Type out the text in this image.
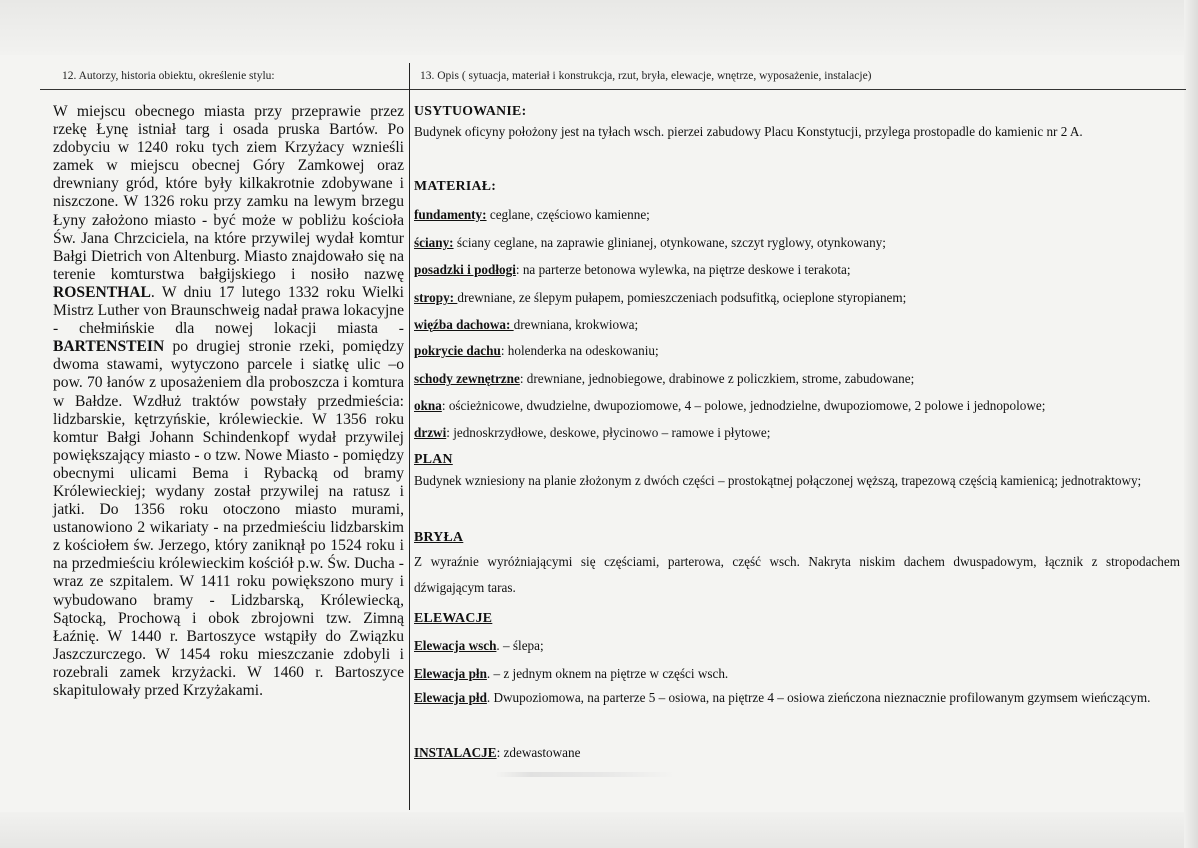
12. Autorzy, historia obiektu, określenie stylu:	13. Opis ( sytuacja, materiał i konstrukcja, rzut, bryła, elewacje, wnętrze, wyposażenie, instalacje)

W miejscu obecnego miasta przy przeprawie przez rzekę Łynę istniał targ i osada pruska Bartów. Po zdobyciu w 1240 roku tych ziem Krzyżacy wznieśli zamek w miejscu obecnej Góry Zamkowej oraz drewniany gród, które były kilkakrotnie zdobywane i niszczone. W 1326 roku przy zamku na lewym brzegu Łyny założono miasto - być może w pobliżu kościoła Św. Jana Chrzciciela, na które przywilej wydał komtur Bałgi Dietrich von Altenburg. Miasto znajdowało się na terenie komturstwa bałgijskiego i nosiło nazwę ROSENTHAL. W dniu 17 lutego 1332 roku Wielki Mistrz Luther von Braunschweig nadał prawa lokacyjne - chełmińskie dla nowej lokacji miasta - BARTENSTEIN po drugiej stronie rzeki, pomiędzy dwoma stawami, wytyczono parcele i siatkę ulic –o pow. 70 łanów z uposażeniem dla proboszcza i komtura w Bałdze. Wzdłuż traktów powstały przedmieścia: lidzbarskie, kętrzyńskie, królewieckie. W 1356 roku komtur Bałgi Johann Schindenkopf wydał przywilej powiększający miasto - o tzw. Nowe Miasto - pomiędzy obecnymi ulicami Bema i Rybacką od bramy Królewieckiej; wydany został przywilej na ratusz i jatki. Do 1356 roku otoczono miasto murami, ustanowiono 2 wikariaty - na przedmieściu lidzbarskim z kościołem św. Jerzego, który zaniknął po 1524 roku i na przedmieściu królewieckim kościół p.w. Św. Ducha - wraz ze szpitalem. W 1411 roku powiększono mury i wybudowano bramy - Lidzbarską, Królewiecką, Sątocką, Prochową i obok zbrojowni tzw. Zimną Łaźnię. W 1440 r. Bartoszyce wstąpiły do Związku Jaszczurczego. W 1454 roku mieszczanie zdobyli i rozebrali zamek krzyżacki. W 1460 r. Bartoszyce skapitulowały przed Krzyżakami.

USYTUOWANIE:
Budynek oficyny położony jest na tyłach wsch. pierzei zabudowy Placu Konstytucji, przylega prostopadle do kamienic nr 2 A.
MATERIAŁ:
fundamenty: ceglane, częściowo kamienne;
ściany: ściany ceglane, na zaprawie glinianej, otynkowane, szczyt ryglowy, otynkowany;
posadzki i podłogi: na parterze betonowa wylewka, na piętrze deskowe i terakota;
stropy: drewniane, ze ślepym pułapem, pomieszczeniach podsufitką, ocieplone styropianem;
więźba dachowa: drewniana, krokwiowa;
pokrycie dachu: holenderka na odeskowaniu;
schody zewnętrzne: drewniane, jednobiegowe, drabinowe z policzkiem, strome, zabudowane;
okna: ościeżnicowe, dwudzielne, dwupoziomowe, 4 – polowe, jednodzielne, dwupoziomowe, 2 polowe i jednopolowe;
drzwi: jednoskrzydłowe, deskowe, płycinowo – ramowe i płytowe;
PLAN
Budynek wzniesiony na planie złożonym z dwóch części – prostokątnej połączonej węższą, trapezową częścią kamienicą; jednotraktowy;
BRYŁA
Z wyraźnie wyróżniającymi się częściami, parterowa, część wsch. Nakryta niskim dachem dwuspadowym, łącznik z stropodachem dźwigającym taras.
ELEWACJE
Elewacja wsch. – ślepa;
Elewacja płn. – z jednym oknem na piętrze w części wsch.
Elewacja płd. Dwupoziomowa, na parterze 5 – osiowa, na piętrze 4 – osiowa zieńczona nieznacznie profilowanym gzymsem wieńczącym.
INSTALACJE: zdewastowane
